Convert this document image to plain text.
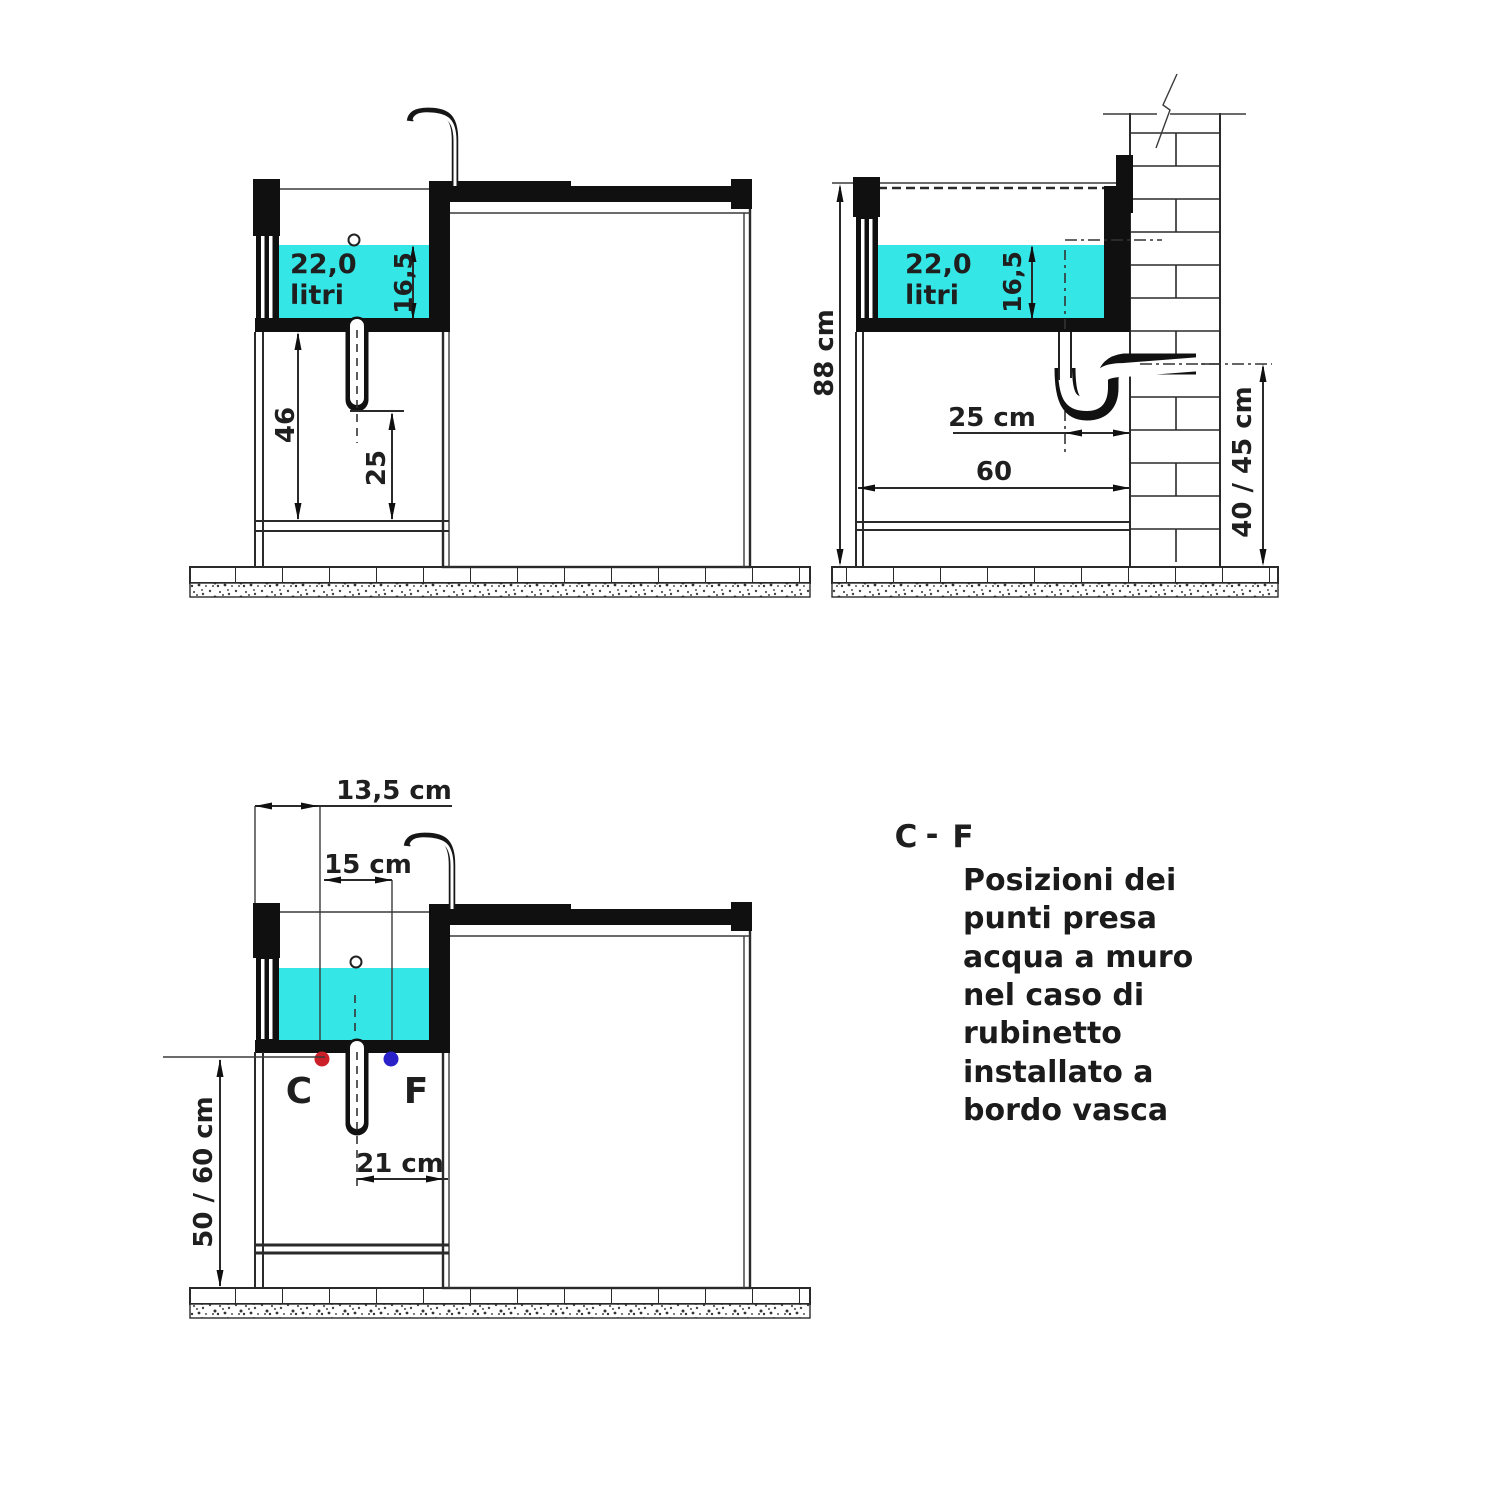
16,5
46
25
22,0
litri	16,5
88 cm
25 cm
60	40 / 45 cm
22,0
litri
C	F
13,5 cm
15 cm
21 cm
50 / 60 cm
C - F
Posizioni dei
punti presa
acqua a muro
nel caso di
rubinetto
installato a
bordo vasca
